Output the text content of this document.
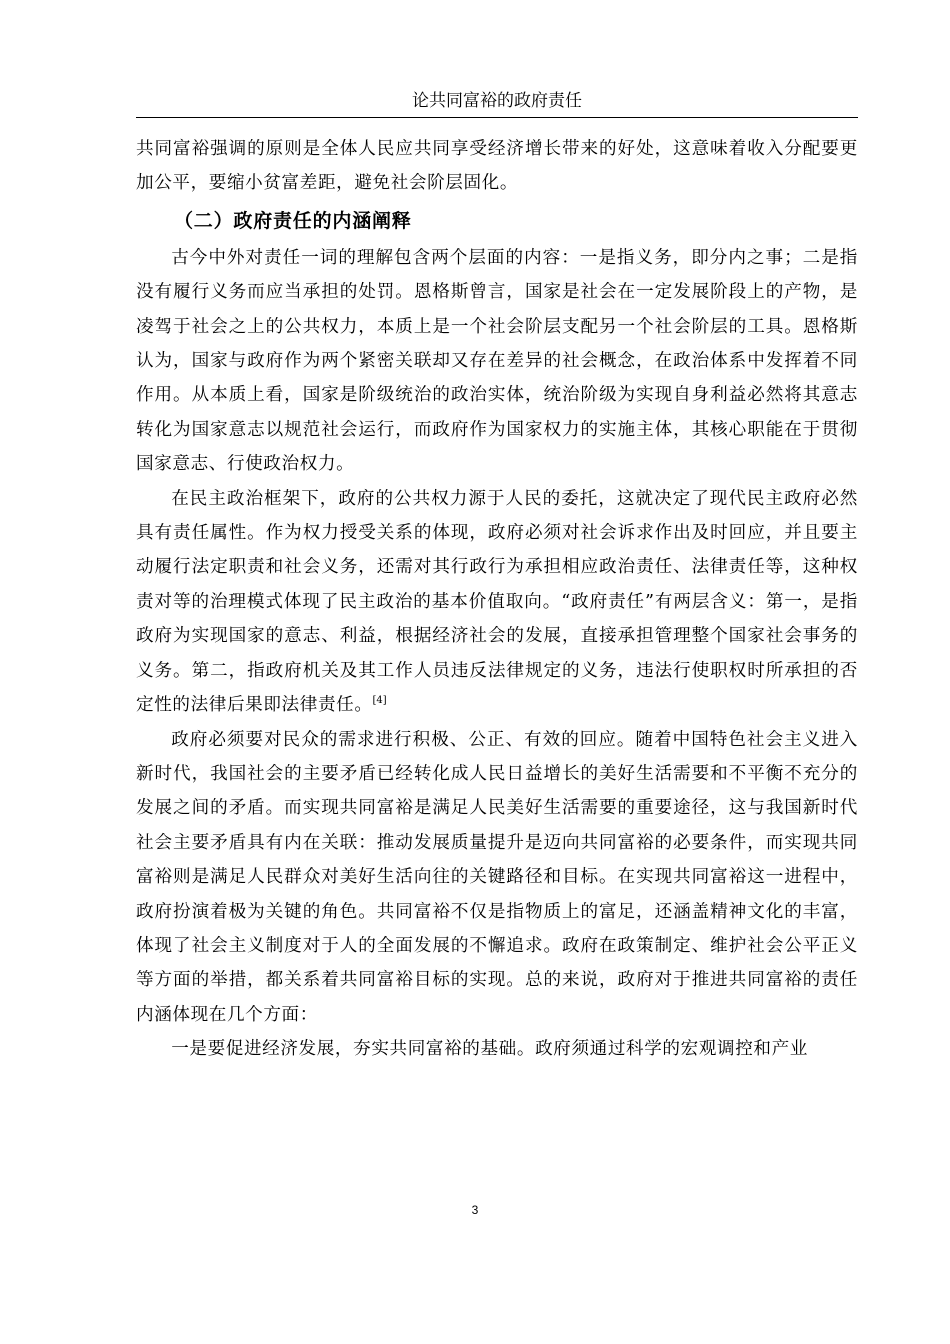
论共同富裕的政府责任

共同富裕强调的原则是全体人民应共同享受经济增长带来的好处，这意味着收入分配要更加公平，要缩小贫富差距，避免社会阶层固化。

（二）政府责任的内涵阐释

古今中外对责任一词的理解包含两个层面的内容：一是指义务，即分内之事；二是指没有履行义务而应当承担的处罚。恩格斯曾言，国家是社会在一定发展阶段上的产物，是凌驾于社会之上的公共权力，本质上是一个社会阶层支配另一个社会阶层的工具。恩格斯认为，国家与政府作为两个紧密关联却又存在差异的社会概念，在政治体系中发挥着不同作用。从本质上看，国家是阶级统治的政治实体，统治阶级为实现自身利益必然将其意志转化为国家意志以规范社会运行，而政府作为国家权力的实施主体，其核心职能在于贯彻国家意志、行使政治权力。

在民主政治框架下，政府的公共权力源于人民的委托，这就决定了现代民主政府必然具有责任属性。作为权力授受关系的体现，政府必须对社会诉求作出及时回应，并且要主动履行法定职责和社会义务，还需对其行政行为承担相应政治责任、法律责任等，这种权责对等的治理模式体现了民主政治的基本价值取向。“政府责任”有两层含义：第一，是指政府为实现国家的意志、利益，根据经济社会的发展，直接承担管理整个国家社会事务的义务。第二，指政府机关及其工作人员违反法律规定的义务，违法行使职权时所承担的否定性的法律后果即法律责任。[4]

政府必须要对民众的需求进行积极、公正、有效的回应。随着中国特色社会主义进入新时代，我国社会的主要矛盾已经转化成人民日益增长的美好生活需要和不平衡不充分的发展之间的矛盾。而实现共同富裕是满足人民美好生活需要的重要途径，这与我国新时代社会主要矛盾具有内在关联：推动发展质量提升是迈向共同富裕的必要条件，而实现共同富裕则是满足人民群众对美好生活向往的关键路径和目标。在实现共同富裕这一进程中，政府扮演着极为关键的角色。共同富裕不仅是指物质上的富足，还涵盖精神文化的丰富，体现了社会主义制度对于人的全面发展的不懈追求。政府在政策制定、维护社会公平正义等方面的举措，都关系着共同富裕目标的实现。总的来说，政府对于推进共同富裕的责任内涵体现在几个方面：

一是要促进经济发展，夯实共同富裕的基础。政府须通过科学的宏观调控和产业

3
